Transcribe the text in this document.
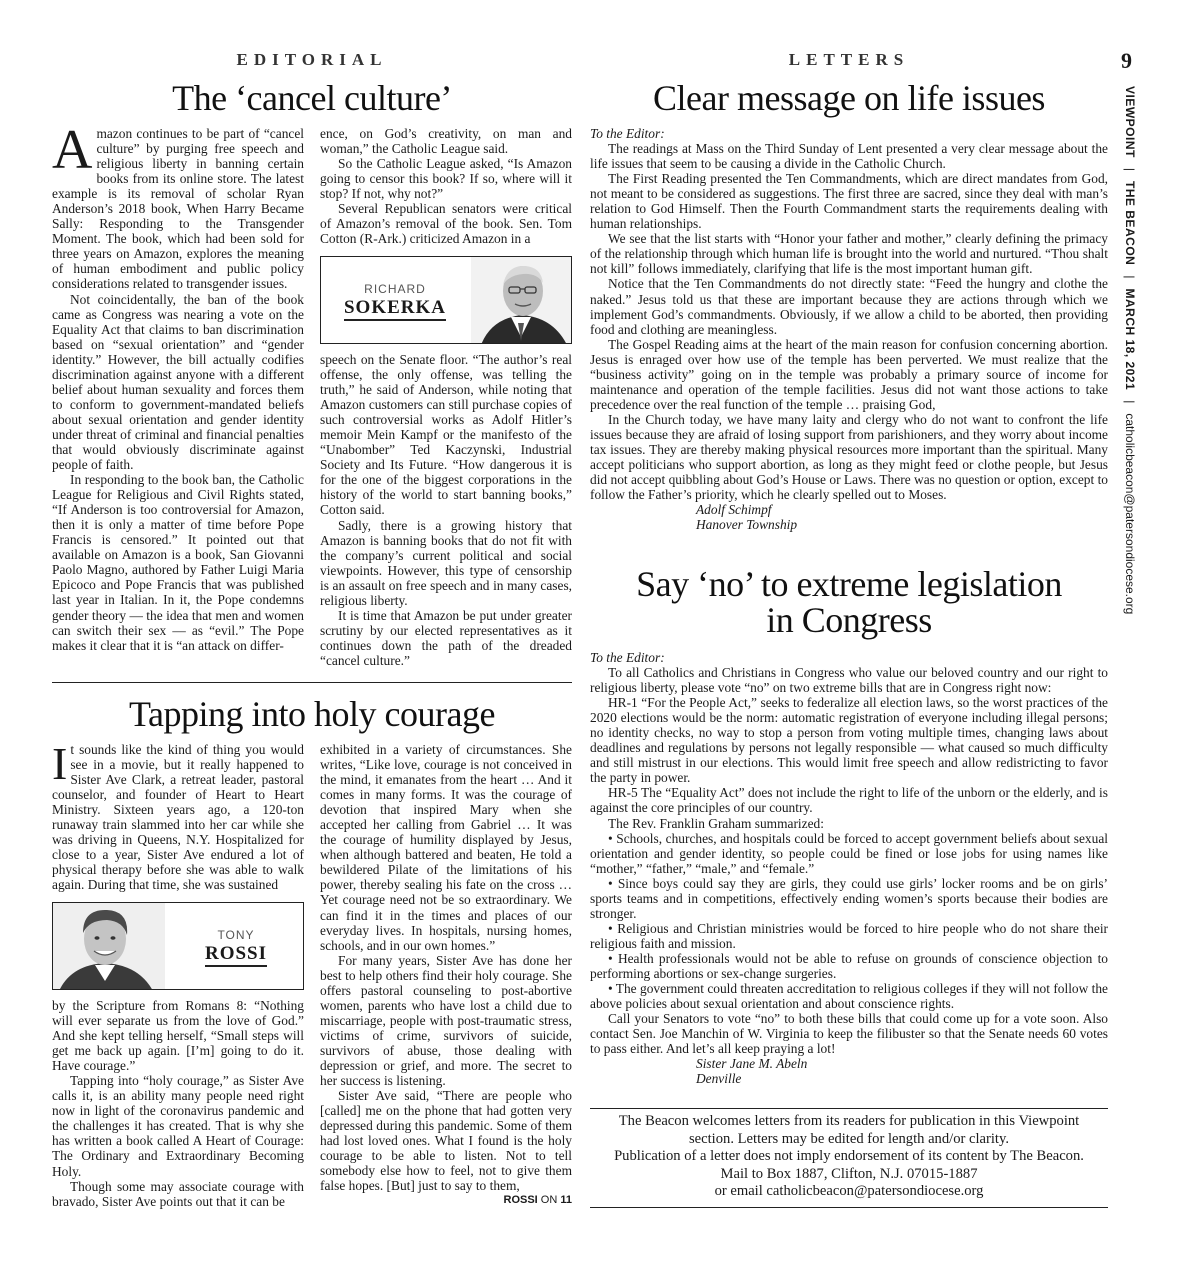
9
VIEWPOINT   |   THE BEACON   |   MARCH 18, 2021   |   catholicbeacon@patersondiocese.org
EDITORIAL
The ‘cancel culture’
A mazon continues to be part of “cancel culture” by purging free speech and religious liberty in banning certain books from its online store. The latest example is its removal of scholar Ryan Anderson’s 2018 book, When Harry Became Sally: Responding to the Transgender Moment. The book, which had been sold for three years on Amazon, explores the meaning of human embodiment and public policy considerations related to transgender issues.

Not coincidentally, the ban of the book came as Congress was nearing a vote on the Equality Act that claims to ban discrimination based on “sexual orientation” and “gender identity.” However, the bill actually codifies discrimination against anyone with a different belief about human sexuality and forces them to conform to government-mandated beliefs about sexual orientation and gender identity under threat of criminal and financial penalties that would obviously discriminate against people of faith.

In responding to the book ban, the Catholic League for Religious and Civil Rights stated, “If Anderson is too controversial for Amazon, then it is only a matter of time before Pope Francis is censored.” It pointed out that available on Amazon is a book, San Giovanni Paolo Magno, authored by Father Luigi Maria Epicoco and Pope Francis that was published last year in Italian. In it, the Pope condemns gender theory — the idea that men and women can switch their sex — as “evil.” The Pope makes it clear that it is “an attack on differ-

ence, on God’s creativity, on man and woman,” the Catholic League said.

So the Catholic League asked, “Is Amazon going to censor this book? If so, where will it stop? If not, why not?”

Several Republican senators were critical of Amazon’s removal of the book. Sen. Tom Cotton (R-Ark.) criticized Amazon in a

RICHARD
SOKERKA

speech on the Senate floor. “The author’s real offense, the only offense, was telling the truth,” he said of Anderson, while noting that Amazon customers can still purchase copies of such controversial works as Adolf Hitler’s memoir Mein Kampf or the manifesto of the “Unabomber” Ted Kaczynski, Industrial Society and Its Future. “How dangerous it is for the one of the biggest corporations in the history of the world to start banning books,” Cotton said.

Sadly, there is a growing history that Amazon is banning books that do not fit with the company’s current political and social viewpoints. However, this type of censorship is an assault on free speech and in many cases, religious liberty.

It is time that Amazon be put under greater scrutiny by our elected representatives as it continues down the path of the dreaded “cancel culture.”

Tapping into holy courage
I t sounds like the kind of thing you would see in a movie, but it really happened to Sister Ave Clark, a retreat leader, pastoral counselor, and founder of Heart to Heart Ministry. Sixteen years ago, a 120-ton runaway train slammed into her car while she was driving in Queens, N.Y. Hospitalized for close to a year, Sister Ave endured a lot of physical therapy before she was able to walk again. During that time, she was sustained

TONY
ROSSI

by the Scripture from Romans 8: “Nothing will ever separate us from the love of God.” And she kept telling herself, “Small steps will get me back up again. [I’m] going to do it. Have courage.”

Tapping into “holy courage,” as Sister Ave calls it, is an ability many people need right now in light of the coronavirus pandemic and the challenges it has created. That is why she has written a book called A Heart of Courage: The Ordinary and Extraordinary Becoming Holy.

Though some may associate courage with bravado, Sister Ave points out that it can be

exhibited in a variety of circumstances. She writes, “Like love, courage is not conceived in the mind, it emanates from the heart … And it comes in many forms. It was the courage of devotion that inspired Mary when she accepted her calling from Gabriel … It was the courage of humility displayed by Jesus, when although battered and beaten, He told a bewildered Pilate of the limitations of his power, thereby sealing his fate on the cross … Yet courage need not be so extraordinary. We can find it in the times and places of our everyday lives. In hospitals, nursing homes, schools, and in our own homes.”

For many years, Sister Ave has done her best to help others find their holy courage. She offers pastoral counseling to post-abortive women, parents who have lost a child due to miscarriage, people with post-traumatic stress, victims of crime, survivors of suicide, survivors of abuse, those dealing with depression or grief, and more. The secret to her success is listening.

Sister Ave said, “There are people who [called] me on the phone that had gotten very depressed during this pandemic. Some of them had lost loved ones. What I found is the holy courage to be able to listen. Not to tell somebody else how to feel, not to give them false hopes. [But] just to say to them,

ROSSI ON 11
LETTERS
Clear message on life issues

To the Editor:

The readings at Mass on the Third Sunday of Lent presented a very clear message about the life issues that seem to be causing a divide in the Catholic Church.

The First Reading presented the Ten Commandments, which are direct mandates from God, not meant to be considered as suggestions. The first three are sacred, since they deal with man’s relation to God Himself. Then the Fourth Commandment starts the requirements dealing with human relationships.

We see that the list starts with “Honor your father and mother,” clearly defining the primacy of the relationship through which human life is brought into the world and nurtured. “Thou shalt not kill” follows immediately, clarifying that life is the most important human gift.

Notice that the Ten Commandments do not directly state: “Feed the hungry and clothe the naked.” Jesus told us that these are important because they are actions through which we implement God’s commandments. Obviously, if we allow a child to be aborted, then providing food and clothing are meaningless.

The Gospel Reading aims at the heart of the main reason for confusion concerning abortion. Jesus is enraged over how use of the temple has been perverted. We must realize that the “business activity” going on in the temple was probably a primary source of income for maintenance and operation of the temple facilities. Jesus did not want those actions to take precedence over the real function of the temple … praising God,

In the Church today, we have many laity and clergy who do not want to confront the life issues because they are afraid of losing support from parishioners, and they worry about income tax issues. They are thereby making physical resources more important than the spiritual. Many accept politicians who support abortion, as long as they might feed or clothe people, but Jesus did not accept quibbling about God’s House or Laws. There was no question or option, except to follow the Father’s priority, which he clearly spelled out to Moses.

Adolf Schimpf

Hanover Township

Say ‘no’ to extreme legislation
in Congress

To the Editor:

To all Catholics and Christians in Congress who value our beloved country and our right to religious liberty, please vote “no” on two extreme bills that are in Congress right now:

HR-1 “For the People Act,” seeks to federalize all election laws, so the worst practices of the 2020 elections would be the norm: automatic registration of everyone including illegal persons; no identity checks, no way to stop a person from voting multiple times, changing laws about deadlines and regulations by persons not legally responsible — what caused so much difficulty and still mistrust in our elections. This would limit free speech and allow redistricting to favor the party in power.

HR-5 The “Equality Act” does not include the right to life of the unborn or the elderly, and is against the core principles of our country.

The Rev. Franklin Graham summarized:

• Schools, churches, and hospitals could be forced to accept government beliefs about sexual orientation and gender identity, so people could be fined or lose jobs for using names like “mother,” “father,” “male,” and “female.”

• Since boys could say they are girls, they could use girls’ locker rooms and be on girls’ sports teams and in competitions, effectively ending women’s sports because their bodies are stronger.

• Religious and Christian ministries would be forced to hire people who do not share their religious faith and mission.

• Health professionals would not be able to refuse on grounds of conscience objection to performing abortions or sex-change surgeries.

• The government could threaten accreditation to religious colleges if they will not follow the above policies about sexual orientation and about conscience rights.

Call your Senators to vote “no” to both these bills that could come up for a vote soon. Also contact Sen. Joe Manchin of W. Virginia to keep the filibuster so that the Senate needs 60 votes to pass either. And let’s all keep praying a lot!

Sister Jane M. Abeln

Denville

The Beacon welcomes letters from its readers for publication in this Viewpoint
section. Letters may be edited for length and/or clarity.
Publication of a letter does not imply endorsement of its content by The Beacon.
Mail to Box 1887, Clifton, N.J. 07015-1887
or email catholicbeacon@patersondiocese.org
